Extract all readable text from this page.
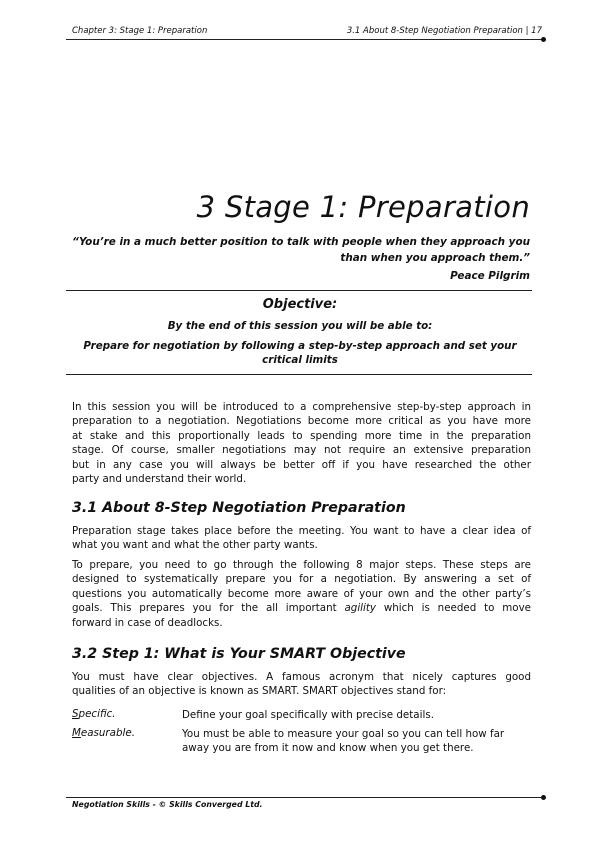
Chapter 3: Stage 1: Preparation	3.1 About 8-Step Negotiation Preparation | 17
3 Stage 1: Preparation
“You’re in a much better position to talk with people when they approach you
than when you approach them.”
Peace Pilgrim
Objective:
By the end of this session you will be able to:
Prepare for negotiation by following a step-by-step approach and set your
critical limits
In this session you will be introduced to a comprehensive step-by-step approach in
preparation to a negotiation. Negotiations become more critical as you have more
at stake and this proportionally leads to spending more time in the preparation
stage. Of course, smaller negotiations may not require an extensive preparation
but in any case you will always be better off if you have researched the other
party and understand their world.
3.1 About 8-Step Negotiation Preparation
Preparation stage takes place before the meeting. You want to have a clear idea of
what you want and what the other party wants.
To prepare, you need to go through the following 8 major steps. These steps are
designed to systematically prepare you for a negotiation. By answering a set of
questions you automatically become more aware of your own and the other party’s
goals. This prepares you for the all important agility which is needed to move
forward in case of deadlocks.
3.2 Step 1: What is Your SMART Objective
You must have clear objectives. A famous acronym that nicely captures good
qualities of an objective is known as SMART. SMART objectives stand for:
Specific.	Define your goal specifically with precise details.
Measurable.	You must be able to measure your goal so you can tell how far away you are from it now and know when you get there.
Negotiation Skills - © Skills Converged Ltd.
